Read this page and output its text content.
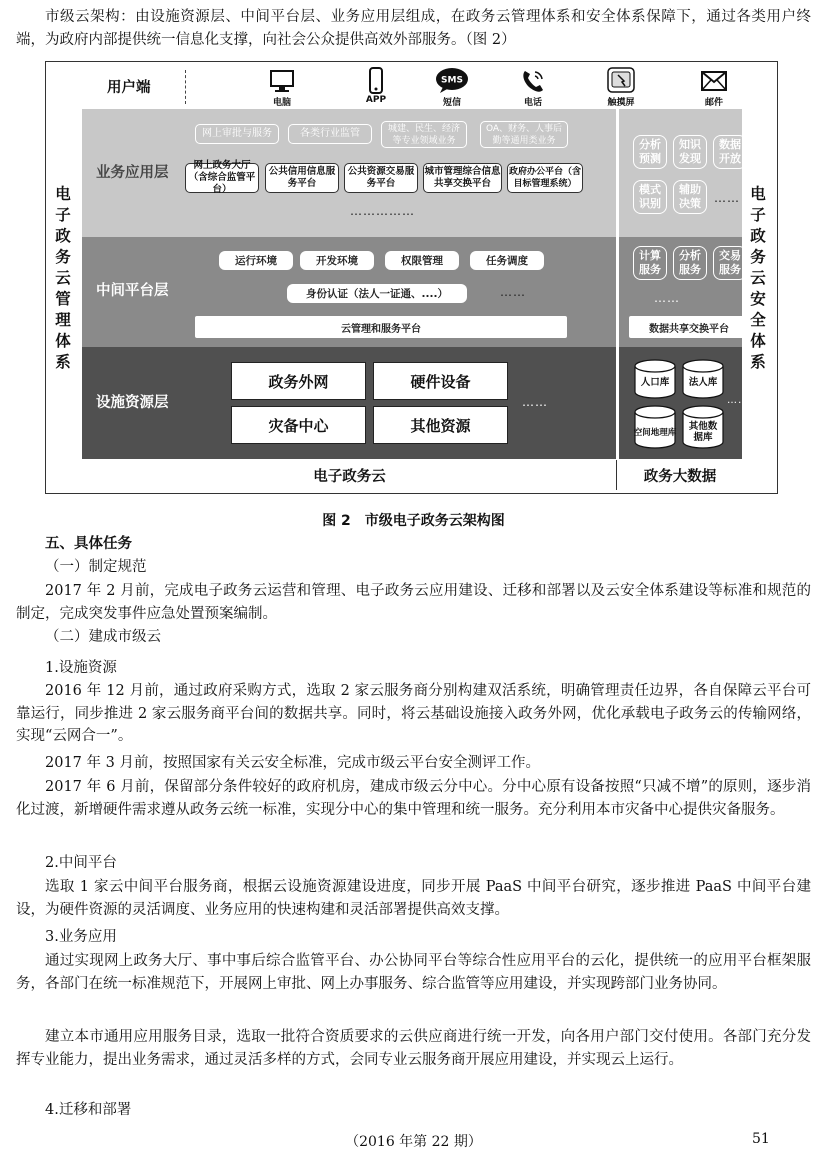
市级云架构：由设施资源层、中间平台层、业务应用层组成，在政务云管理体系和安全体系保障下，通过各类用户终端，为政府内部提供统一信息化支撑，向社会公众提供高效外部服务。（图 2）
电子政务云管理体系
电子政务云安全体系
用户端
电脑	APP
SMS
短信	电话	触摸屏	邮件
业务应用层
网上审批与服务	各类行业监管	城建、民生、经济等专业领域业务
OA、财务、人事后勤等通用类业务
网上政务大厅（含综合监管平台）
公共信用信息服务平台
公共资源交易服务平台
城市管理综合信息共享交换平台
政府办公平台（含目标管理系统）
……………
分析预测
知识发现
数据开放
模式识别
辅助决策	……
中间平台层
运行环境	开发环境	权限管理	任务调度
身份认证（法人一证通、....）	……
云管理和服务平台
计算服务
分析服务
交易服务
……
数据共享交换平台
设施资源层
政务外网	硬件设备
灾备中心	其他资源
……
人口库	法人库
空间地理库
其他数据库
……
电子政务云	政务大数据
图 2　市级电子政务云架构图
五、具体任务
（一）制定规范
2017 年 2 月前，完成电子政务云运营和管理、电子政务云应用建设、迁移和部署以及云安全体系建设等标准和规范的制定，完成突发事件应急处置预案编制。
（二）建成市级云
1.设施资源
2016 年 12 月前，通过政府采购方式，选取 2 家云服务商分别构建双活系统，明确管理责任边界，各自保障云平台可靠运行，同步推进 2 家云服务商平台间的数据共享。同时，将云基础设施接入政务外网，优化承载电子政务云的传输网络，实现“云网合一”。
2017 年 3 月前，按照国家有关云安全标准，完成市级云平台安全测评工作。
2017 年 6 月前，保留部分条件较好的政府机房，建成市级云分中心。分中心原有设备按照“只减不增”的原则，逐步消化过渡，新增硬件需求遵从政务云统一标准，实现分中心的集中管理和统一服务。充分利用本市灾备中心提供灾备服务。
2.中间平台
选取 1 家云中间平台服务商，根据云设施资源建设进度，同步开展 PaaS 中间平台研究，逐步推进 PaaS 中间平台建设，为硬件资源的灵活调度、业务应用的快速构建和灵活部署提供高效支撑。
3.业务应用
通过实现网上政务大厅、事中事后综合监管平台、办公协同平台等综合性应用平台的云化，提供统一的应用平台框架服务，各部门在统一标准规范下，开展网上审批、网上办事服务、综合监管等应用建设，并实现跨部门业务协同。
建立本市通用应用服务目录，选取一批符合资质要求的云供应商进行统一开发，向各用户部门交付使用。各部门充分发挥专业能力，提出业务需求，通过灵活多样的方式，会同专业云服务商开展应用建设，并实现云上运行。
4.迁移和部署
（2016 年第 22 期）	51
